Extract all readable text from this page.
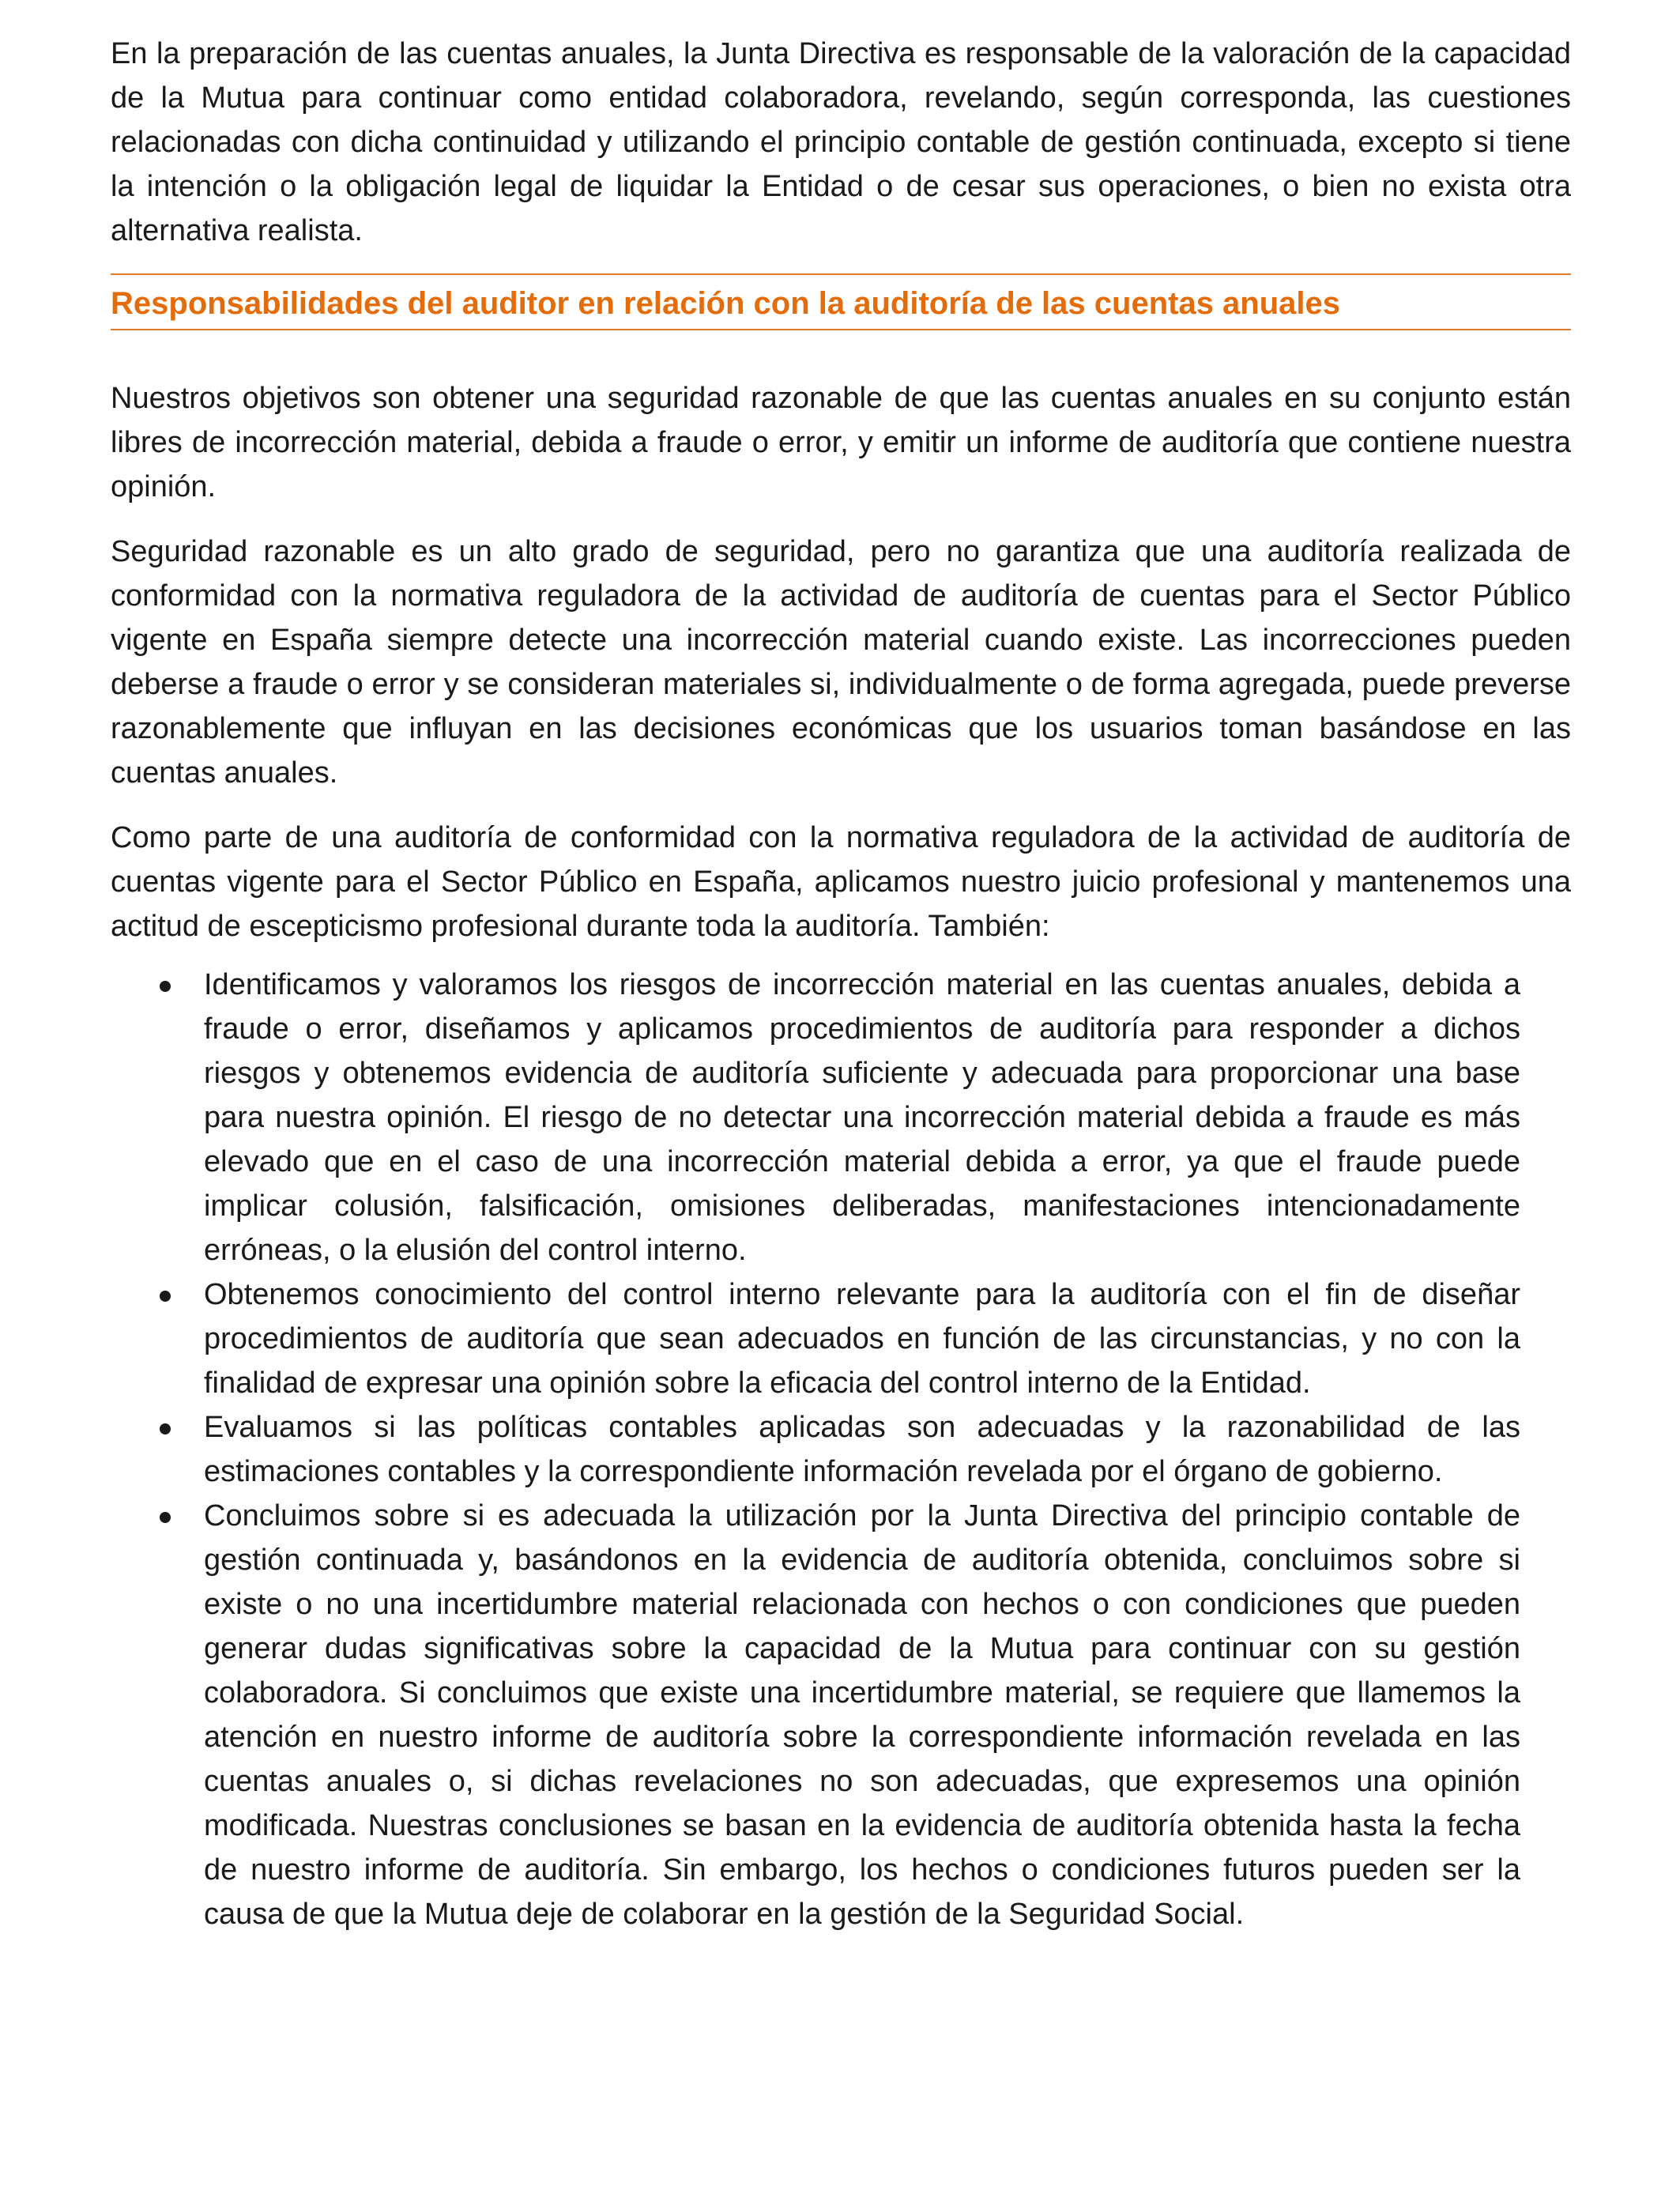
En la preparación de las cuentas anuales, la Junta Directiva es responsable de la valoración de la capacidad de la Mutua para continuar como entidad colaboradora, revelando, según corresponda, las cuestiones relacionadas con dicha continuidad y utilizando el principio contable de gestión continuada, excepto si tiene la intención o la obligación legal de liquidar la Entidad o de cesar sus operaciones, o bien no exista otra alternativa realista.

Responsabilidades del auditor en relación con la auditoría de las cuentas anuales

Nuestros objetivos son obtener una seguridad razonable de que las cuentas anuales en su conjunto están libres de incorrección material, debida a fraude o error, y emitir un informe de auditoría que contiene nuestra opinión.

Seguridad razonable es un alto grado de seguridad, pero no garantiza que una auditoría realizada de conformidad con la normativa reguladora de la actividad de auditoría de cuentas para el Sector Público vigente en España siempre detecte una incorrección material cuando existe. Las incorrecciones pueden deberse a fraude o error y se consideran materiales si, individualmente o de forma agregada, puede preverse razonablemente que influyan en las decisiones económicas que los usuarios toman basándose en las cuentas anuales.

Como parte de una auditoría de conformidad con la normativa reguladora de la actividad de auditoría de cuentas vigente para el Sector Público en España, aplicamos nuestro juicio profesional y mantenemos una actitud de escepticismo profesional durante toda la auditoría. También:

Identificamos y valoramos los riesgos de incorrección material en las cuentas anuales, debida a fraude o error, diseñamos y aplicamos procedimientos de auditoría para responder a dichos riesgos y obtenemos evidencia de auditoría suficiente y adecuada para proporcionar una base para nuestra opinión. El riesgo de no detectar una incorrección material debida a fraude es más elevado que en el caso de una incorrección material debida a error, ya que el fraude puede implicar colusión, falsificación, omisiones deliberadas, manifestaciones intencionadamente erróneas, o la elusión del control interno.
Obtenemos conocimiento del control interno relevante para la auditoría con el fin de diseñar procedimientos de auditoría que sean adecuados en función de las circunstancias, y no con la finalidad de expresar una opinión sobre la eficacia del control interno de la Entidad.
Evaluamos si las políticas contables aplicadas son adecuadas y la razonabilidad de las estimaciones contables y la correspondiente información revelada por el órgano de gobierno.
Concluimos sobre si es adecuada la utilización por la Junta Directiva del principio contable de gestión continuada y, basándonos en la evidencia de auditoría obtenida, concluimos sobre si existe o no una incertidumbre material relacionada con hechos o con condiciones que pueden generar dudas significativas sobre la capacidad de la Mutua para continuar con su gestión colaboradora. Si concluimos que existe una incertidumbre material, se requiere que llamemos la atención en nuestro informe de auditoría sobre la correspondiente información revelada en las cuentas anuales o, si dichas revelaciones no son adecuadas, que expresemos una opinión modificada. Nuestras conclusiones se basan en la evidencia de auditoría obtenida hasta la fecha de nuestro informe de auditoría. Sin embargo, los hechos o condiciones futuros pueden ser la causa de que la Mutua deje de colaborar en la gestión de la Seguridad Social.
